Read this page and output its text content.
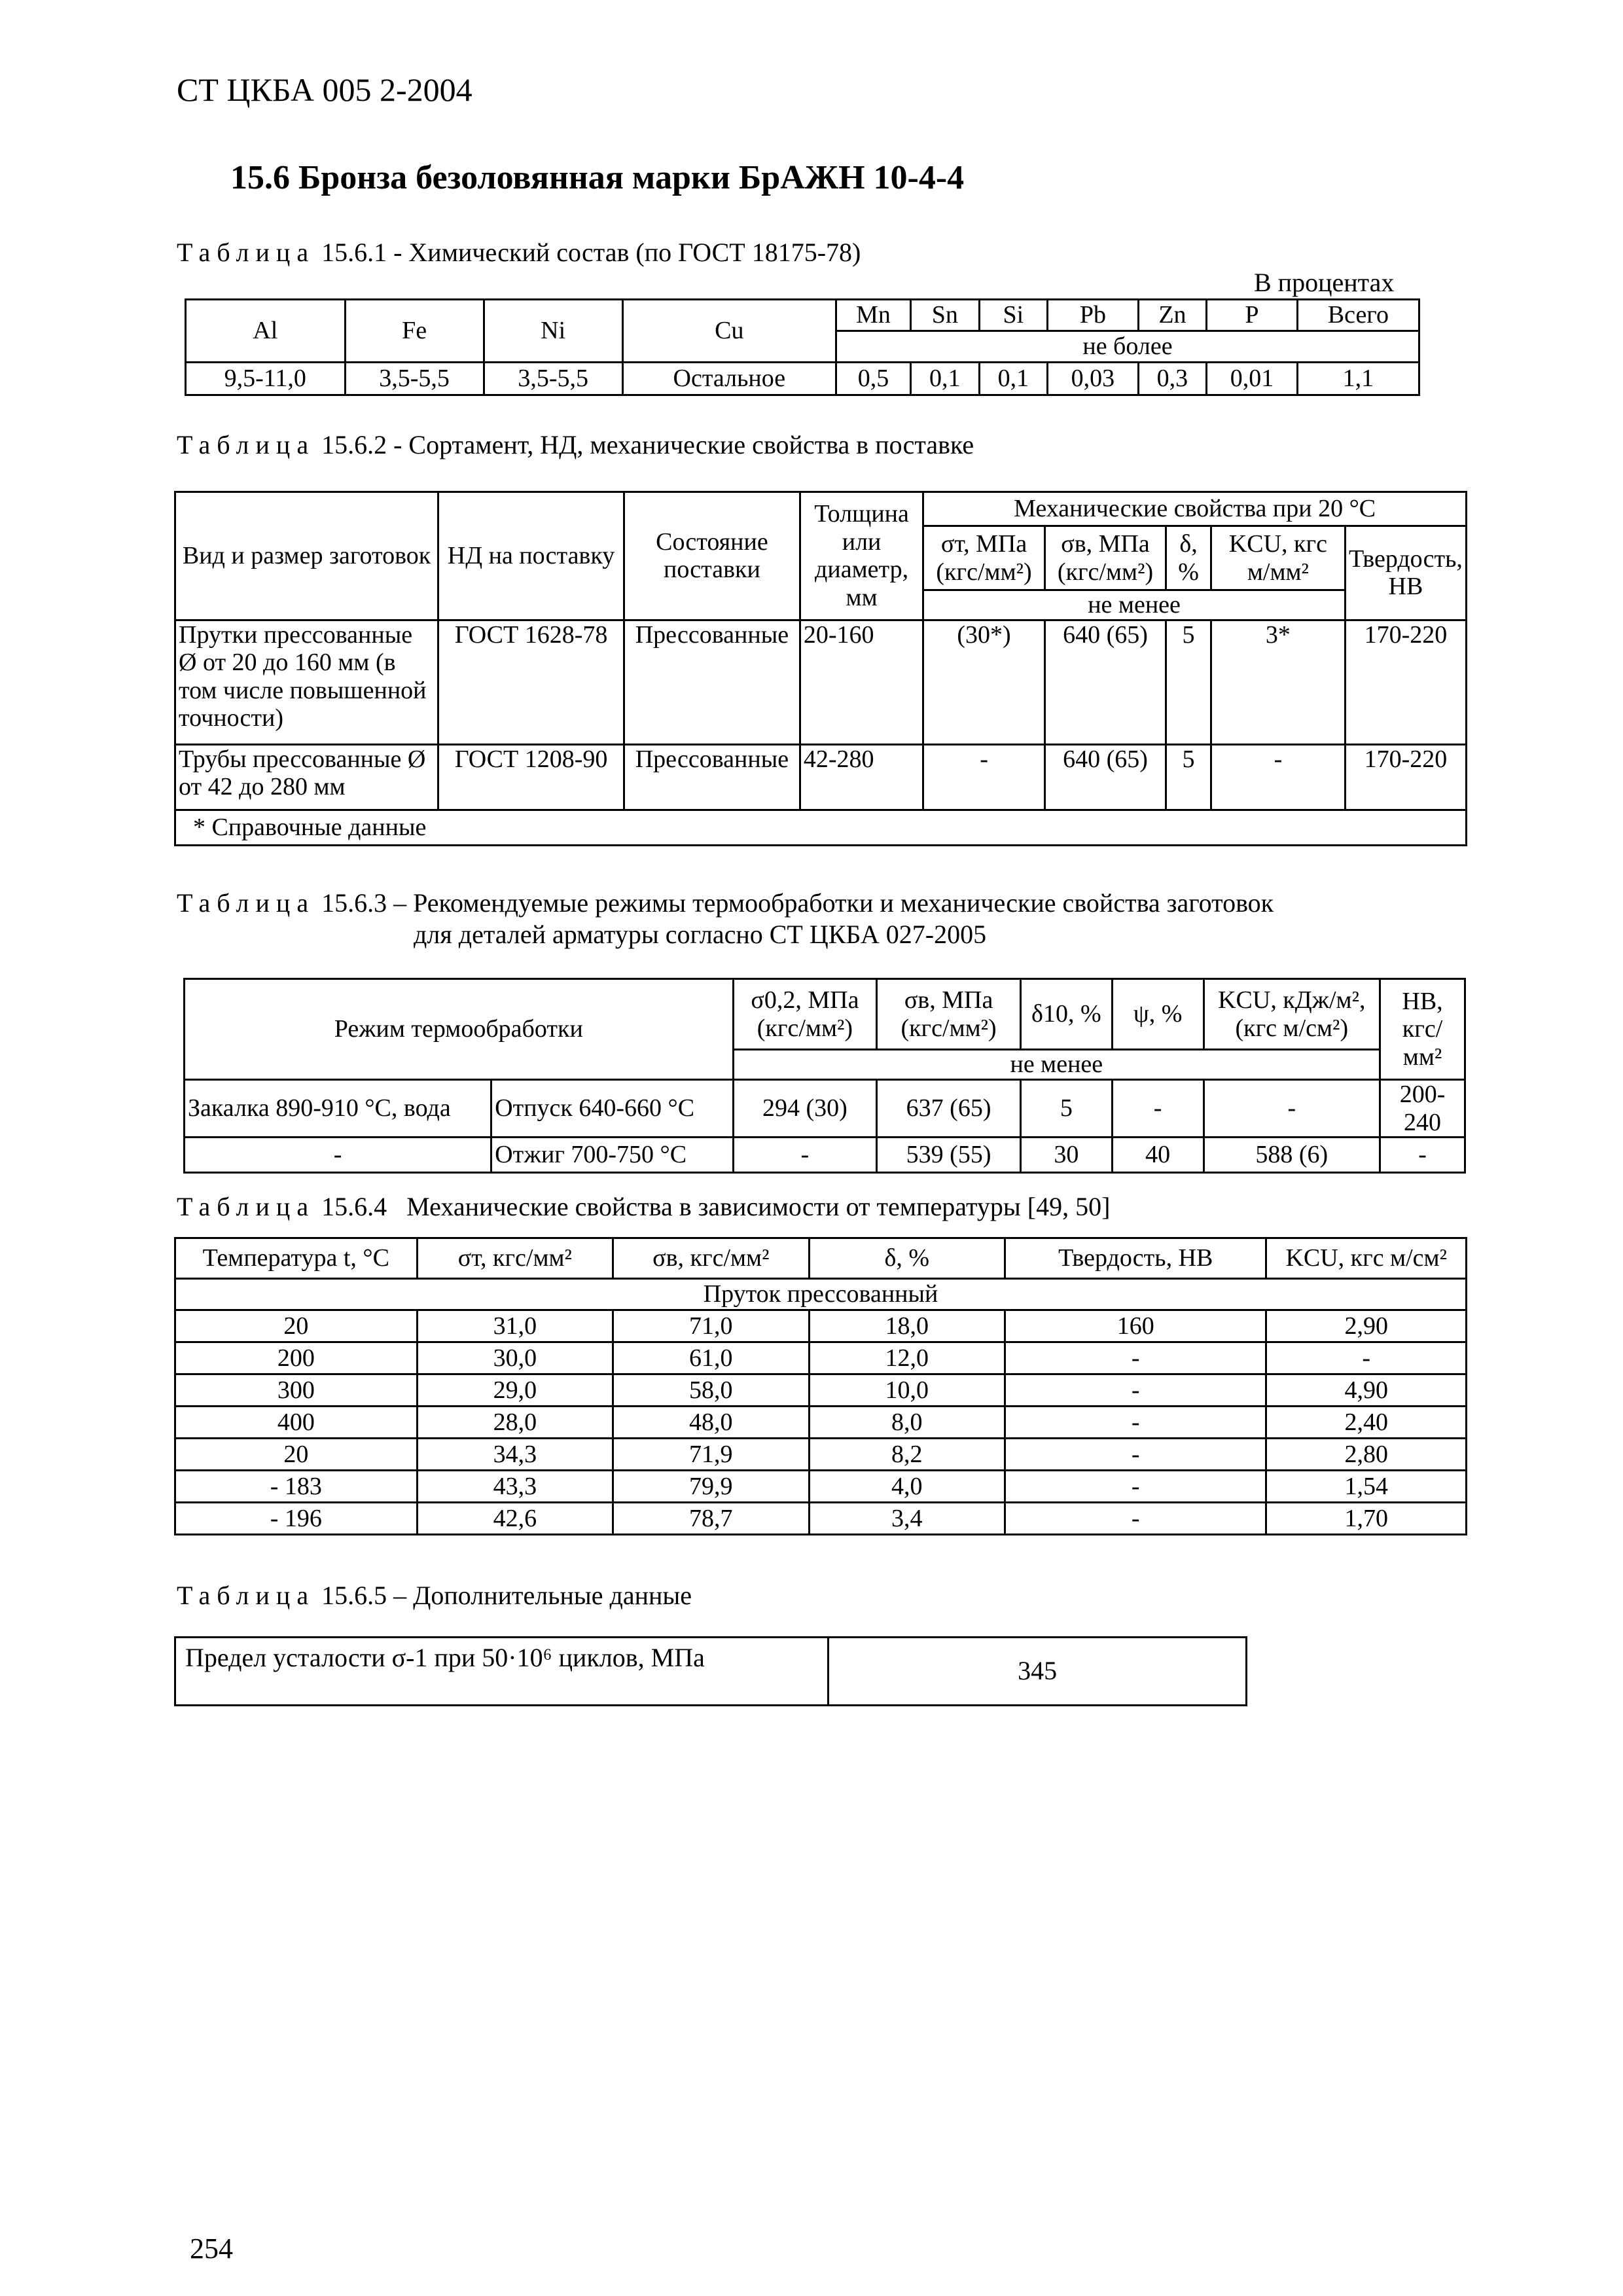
СТ ЦКБА 005 2-2004
15.6 Бронза безоловянная марки БрАЖН 10-4-4
Таблица 15.6.1 - Химический состав (по ГОСТ 18175-78)
В процентах
Al	Fe	Ni	Cu	Mn	Sn	Si	Pb	Zn	P	Всего
				не более						
9,5-11,0	3,5-5,5	3,5-5,5	Остальное	0,5	0,1	0,1	0,03	0,3	0,01	1,1
Таблица 15.6.2 - Сортамент, НД, механические свойства в поставке
Вид и размер заготовок	НД на поставку	Состояние поставки	Толщина или диаметр, мм	Механические свойства при 20 °С				
				σт, МПа (кгс/мм²)	σв, МПа (кгс/мм²)	δ, %	KCU, кгс м/мм²	Твердость, НВ
				не менее				
Прутки прессованные Ø от 20 до 160 мм (в том числе повышенной точности)	ГОСТ 1628-78	Прессованные	20-160	(30*)	640 (65)	5	3*	170-220
Трубы прессованные Ø от 42 до 280 мм	ГОСТ 1208-90	Прессованные	42-280	-	640 (65)	5	-	170-220
* Справочные данные								
Таблица 15.6.3 – Рекомендуемые режимы термообработки и механические свойства заготовок
для деталей арматуры согласно СТ ЦКБА 027-2005
Режим термообработки		σ0,2, МПа (кгс/мм²)	σв, МПа (кгс/мм²)	δ10, %	ψ, %	KCU, кДж/м², (кгс м/см²)	НВ, кгс/мм²
		не менее					
Закалка 890-910 °С, вода	Отпуск 640-660 °С	294 (30)	637 (65)	5	-	-	200-240
-	Отжиг 700-750 °С	-	539 (55)	30	40	588 (6)	-
Таблица 15.6.4   Механические свойства в зависимости от температуры [49, 50]
Температура t, °С	σт, кгс/мм²	σв, кгс/мм²	δ, %	Твердость, НВ	KCU, кгс м/см²
Пруток прессованный					
20	31,0	71,0	18,0	160	2,90
200	30,0	61,0	12,0	-	-
300	29,0	58,0	10,0	-	4,90
400	28,0	48,0	8,0	-	2,40
20	34,3	71,9	8,2	-	2,80
- 183	43,3	79,9	4,0	-	1,54
- 196	42,6	78,7	3,4	-	1,70
Таблица 15.6.5 – Дополнительные данные
Предел усталости σ-1 при 50·10⁶ циклов, МПа	345
254
